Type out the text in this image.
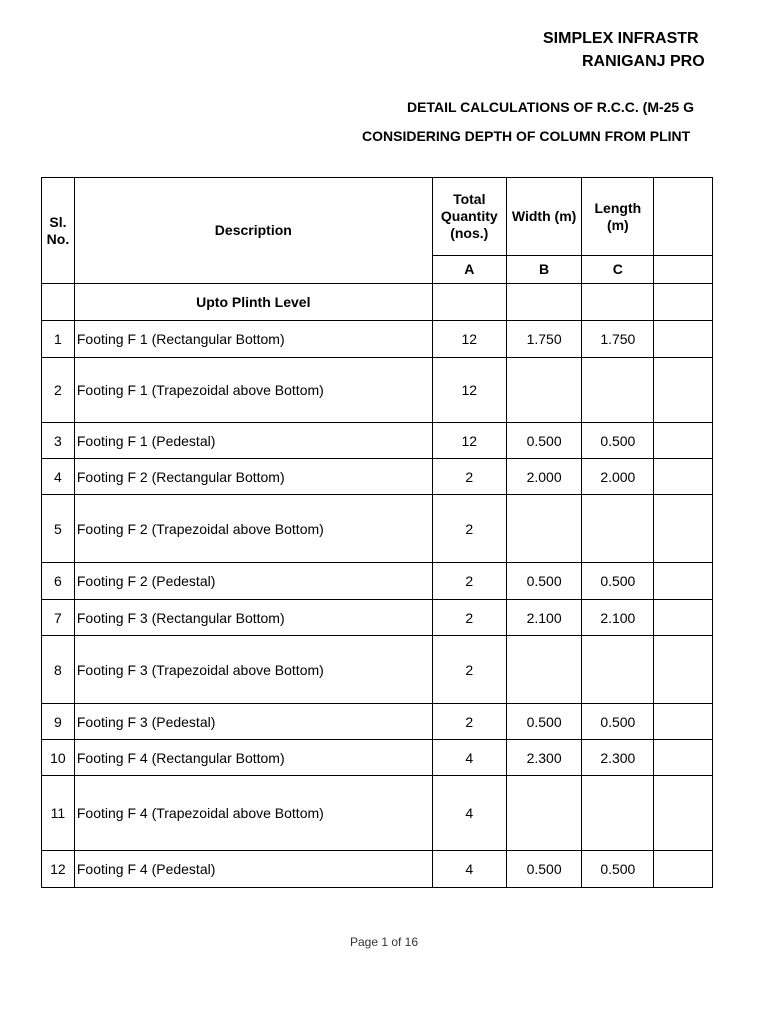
SIMPLEX INFRASTR
RANIGANJ PRO
DETAIL CALCULATIONS OF R.C.C. (M-25 G
CONSIDERING DEPTH OF COLUMN FROM PLINT
Sl. No.	Description	Total Quantity (nos.)	Width (m)	Length (m)	
		A	B	C	
	Upto Plinth Level				
1	Footing F 1 (Rectangular Bottom)	12	1.750	1.750	
2	Footing F 1 (Trapezoidal above Bottom)	12			
3	Footing F 1 (Pedestal)	12	0.500	0.500	
4	Footing F 2 (Rectangular Bottom)	2	2.000	2.000	
5	Footing F 2 (Trapezoidal above Bottom)	2			
6	Footing F 2 (Pedestal)	2	0.500	0.500	
7	Footing F 3 (Rectangular Bottom)	2	2.100	2.100	
8	Footing F 3 (Trapezoidal above Bottom)	2			
9	Footing F 3 (Pedestal)	2	0.500	0.500	
10	Footing F 4 (Rectangular Bottom)	4	2.300	2.300	
11	Footing F 4 (Trapezoidal above Bottom)	4			
12	Footing F 4 (Pedestal)	4	0.500	0.500	
Page 1 of 16
